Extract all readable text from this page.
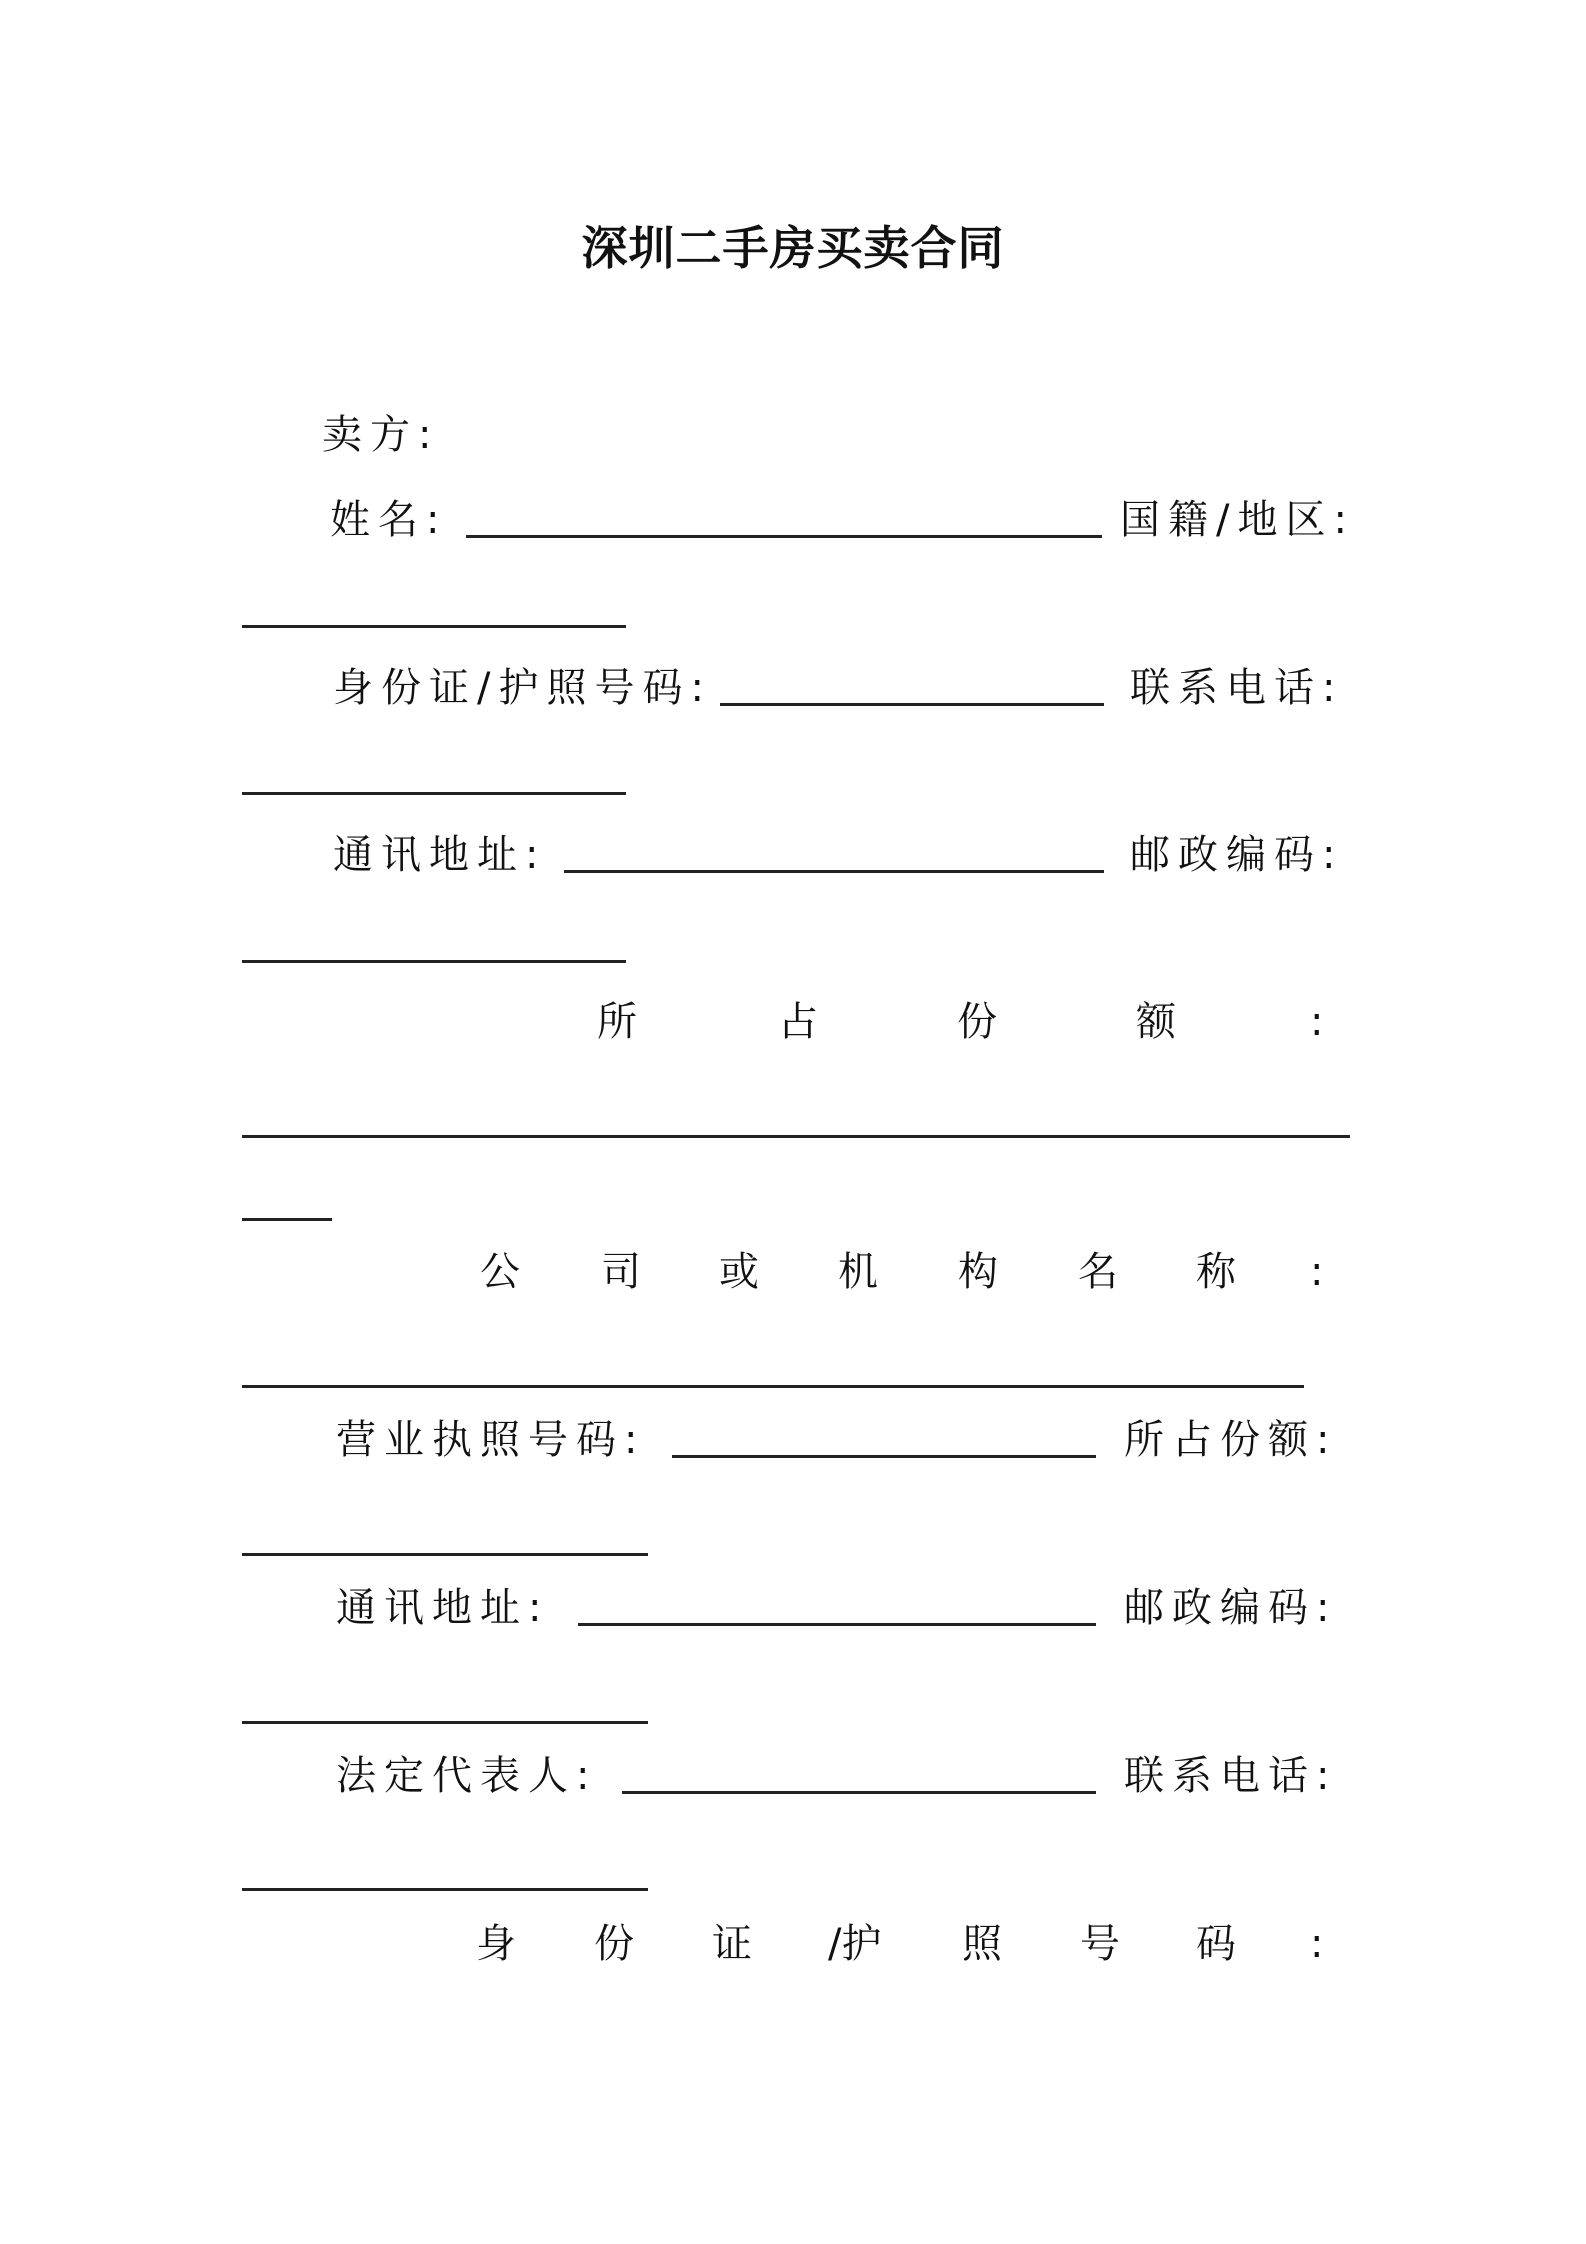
深圳二手房买卖合同
卖方:
姓名:	国籍/地区:
身份证/护照号码:	联系电话:
通讯地址:	邮政编码:
所	占	份	额	:
公 司 或 机 构 名 称 :
营业执照号码:	所占份额:
通讯地址:	邮政编码:
法定代表人:	联系电话:
身 份 证 /护 照 号 码 :
